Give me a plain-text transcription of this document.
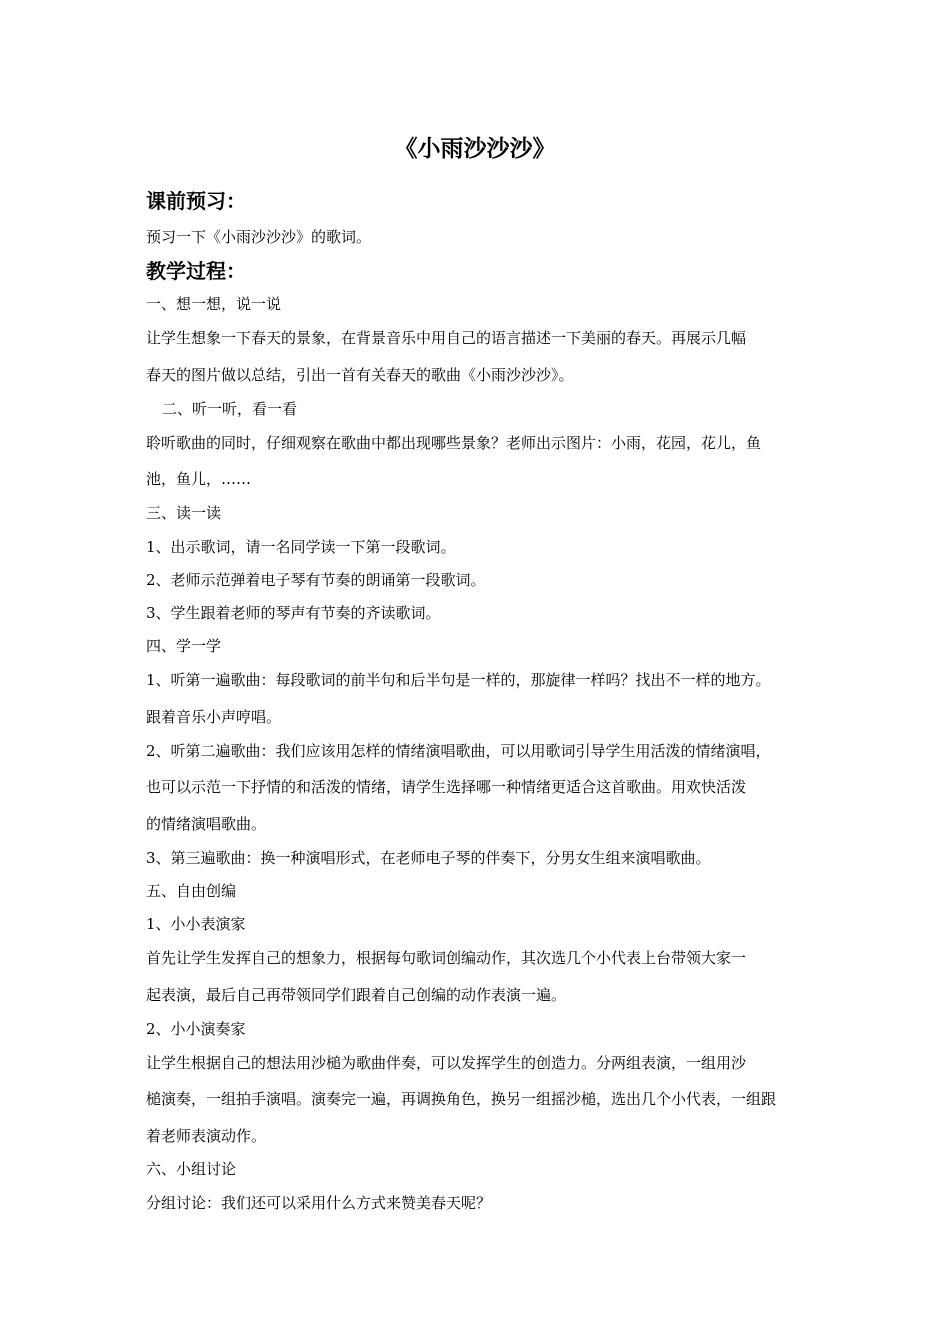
《小雨沙沙沙》
课前预习：
预习一下《小雨沙沙沙》的歌词。
教学过程：
一、想一想，说一说
让学生想象一下春天的景象，在背景音乐中用自己的语言描述一下美丽的春天。再展示几幅
春天的图片做以总结，引出一首有关春天的歌曲《小雨沙沙沙》。
二、听一听，看一看
聆听歌曲的同时，仔细观察在歌曲中都出现哪些景象？老师出示图片：小雨，花园，花儿，鱼
池，鱼儿，……
三、读一读
1、出示歌词，请一名同学读一下第一段歌词。
2、老师示范弹着电子琴有节奏的朗诵第一段歌词。
3、学生跟着老师的琴声有节奏的齐读歌词。
四、学一学
1、听第一遍歌曲：每段歌词的前半句和后半句是一样的，那旋律一样吗？找出不一样的地方。
跟着音乐小声哼唱。
2、听第二遍歌曲：我们应该用怎样的情绪演唱歌曲，可以用歌词引导学生用活泼的情绪演唱，
也可以示范一下抒情的和活泼的情绪，请学生选择哪一种情绪更适合这首歌曲。用欢快活泼
的情绪演唱歌曲。
3、第三遍歌曲：换一种演唱形式，在老师电子琴的伴奏下，分男女生组来演唱歌曲。
五、自由创编
1、小小表演家
首先让学生发挥自己的想象力，根据每句歌词创编动作，其次选几个小代表上台带领大家一
起表演，最后自己再带领同学们跟着自己创编的动作表演一遍。
2、小小演奏家
让学生根据自己的想法用沙槌为歌曲伴奏，可以发挥学生的创造力。分两组表演，一组用沙
槌演奏，一组拍手演唱。演奏完一遍，再调换角色，换另一组摇沙槌，选出几个小代表，一组跟
着老师表演动作。
六、小组讨论
分组讨论：我们还可以采用什么方式来赞美春天呢？
